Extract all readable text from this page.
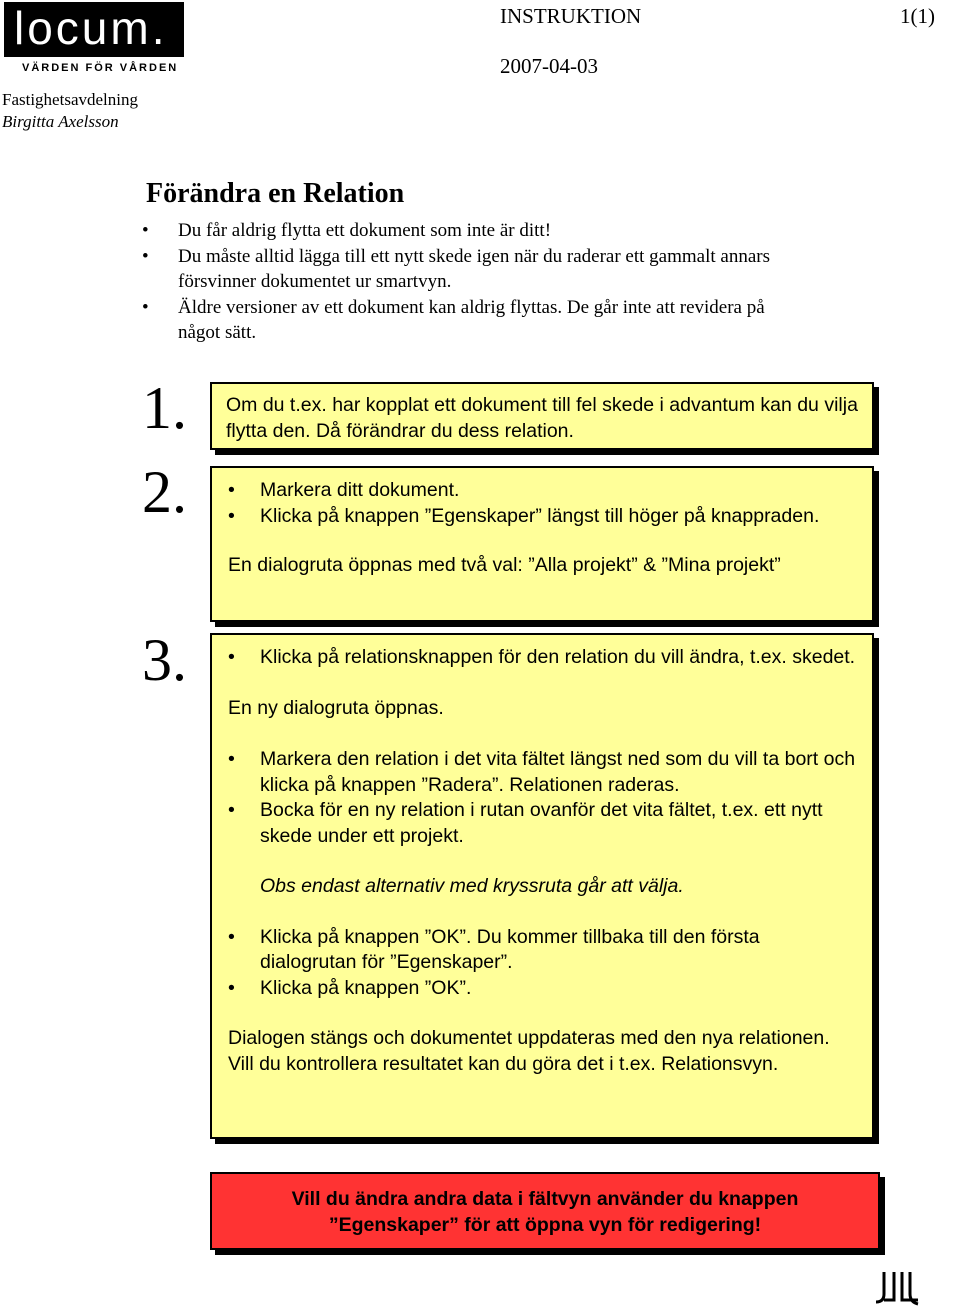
locum.
VÄRDEN FÖR VÅRDEN
INSTRUKTION	1(1)
2007-04-03
Fastighetsavdelning
Birgitta Axelsson
Förändra en Relation
• Du får aldrig flytta ett dokument som inte är ditt!
• Du måste alltid lägga till ett nytt skede igen när du raderar ett gammalt annars försvinner dokumentet ur smartvyn.
• Äldre versioner av ett dokument kan aldrig flyttas. De går inte att revidera på något sätt.
1.
2.
3.
Om du t.ex. har kopplat ett dokument till fel skede i advantum kan du vilja flytta den. Då förändrar du dess relation.
• Markera ditt dokument.
• Klicka på knappen ”Egenskaper” längst till höger på knappraden.
En dialogruta öppnas med två val: ”Alla projekt” & ”Mina projekt”
• Klicka på relationsknappen för den relation du vill ändra, t.ex. skedet.
En ny dialogruta öppnas.
• Markera den relation i det vita fältet längst ned som du vill ta bort och klicka på knappen ”Radera”. Relationen raderas.
• Bocka för en ny relation i rutan ovanför det vita fältet, t.ex. ett nytt skede under ett projekt.
Obs endast alternativ med kryssruta går att välja.
• Klicka på knappen ”OK”. Du kommer tillbaka till den första dialogrutan för ”Egenskaper”.
• Klicka på knappen ”OK”.
Dialogen stängs och dokumentet uppdateras med den nya relationen. Vill du kontrollera resultatet kan du göra det i t.ex. Relationsvyn.
Vill du ändra andra data i fältvyn använder du knappen ”Egenskaper” för att öppna vyn för redigering!
